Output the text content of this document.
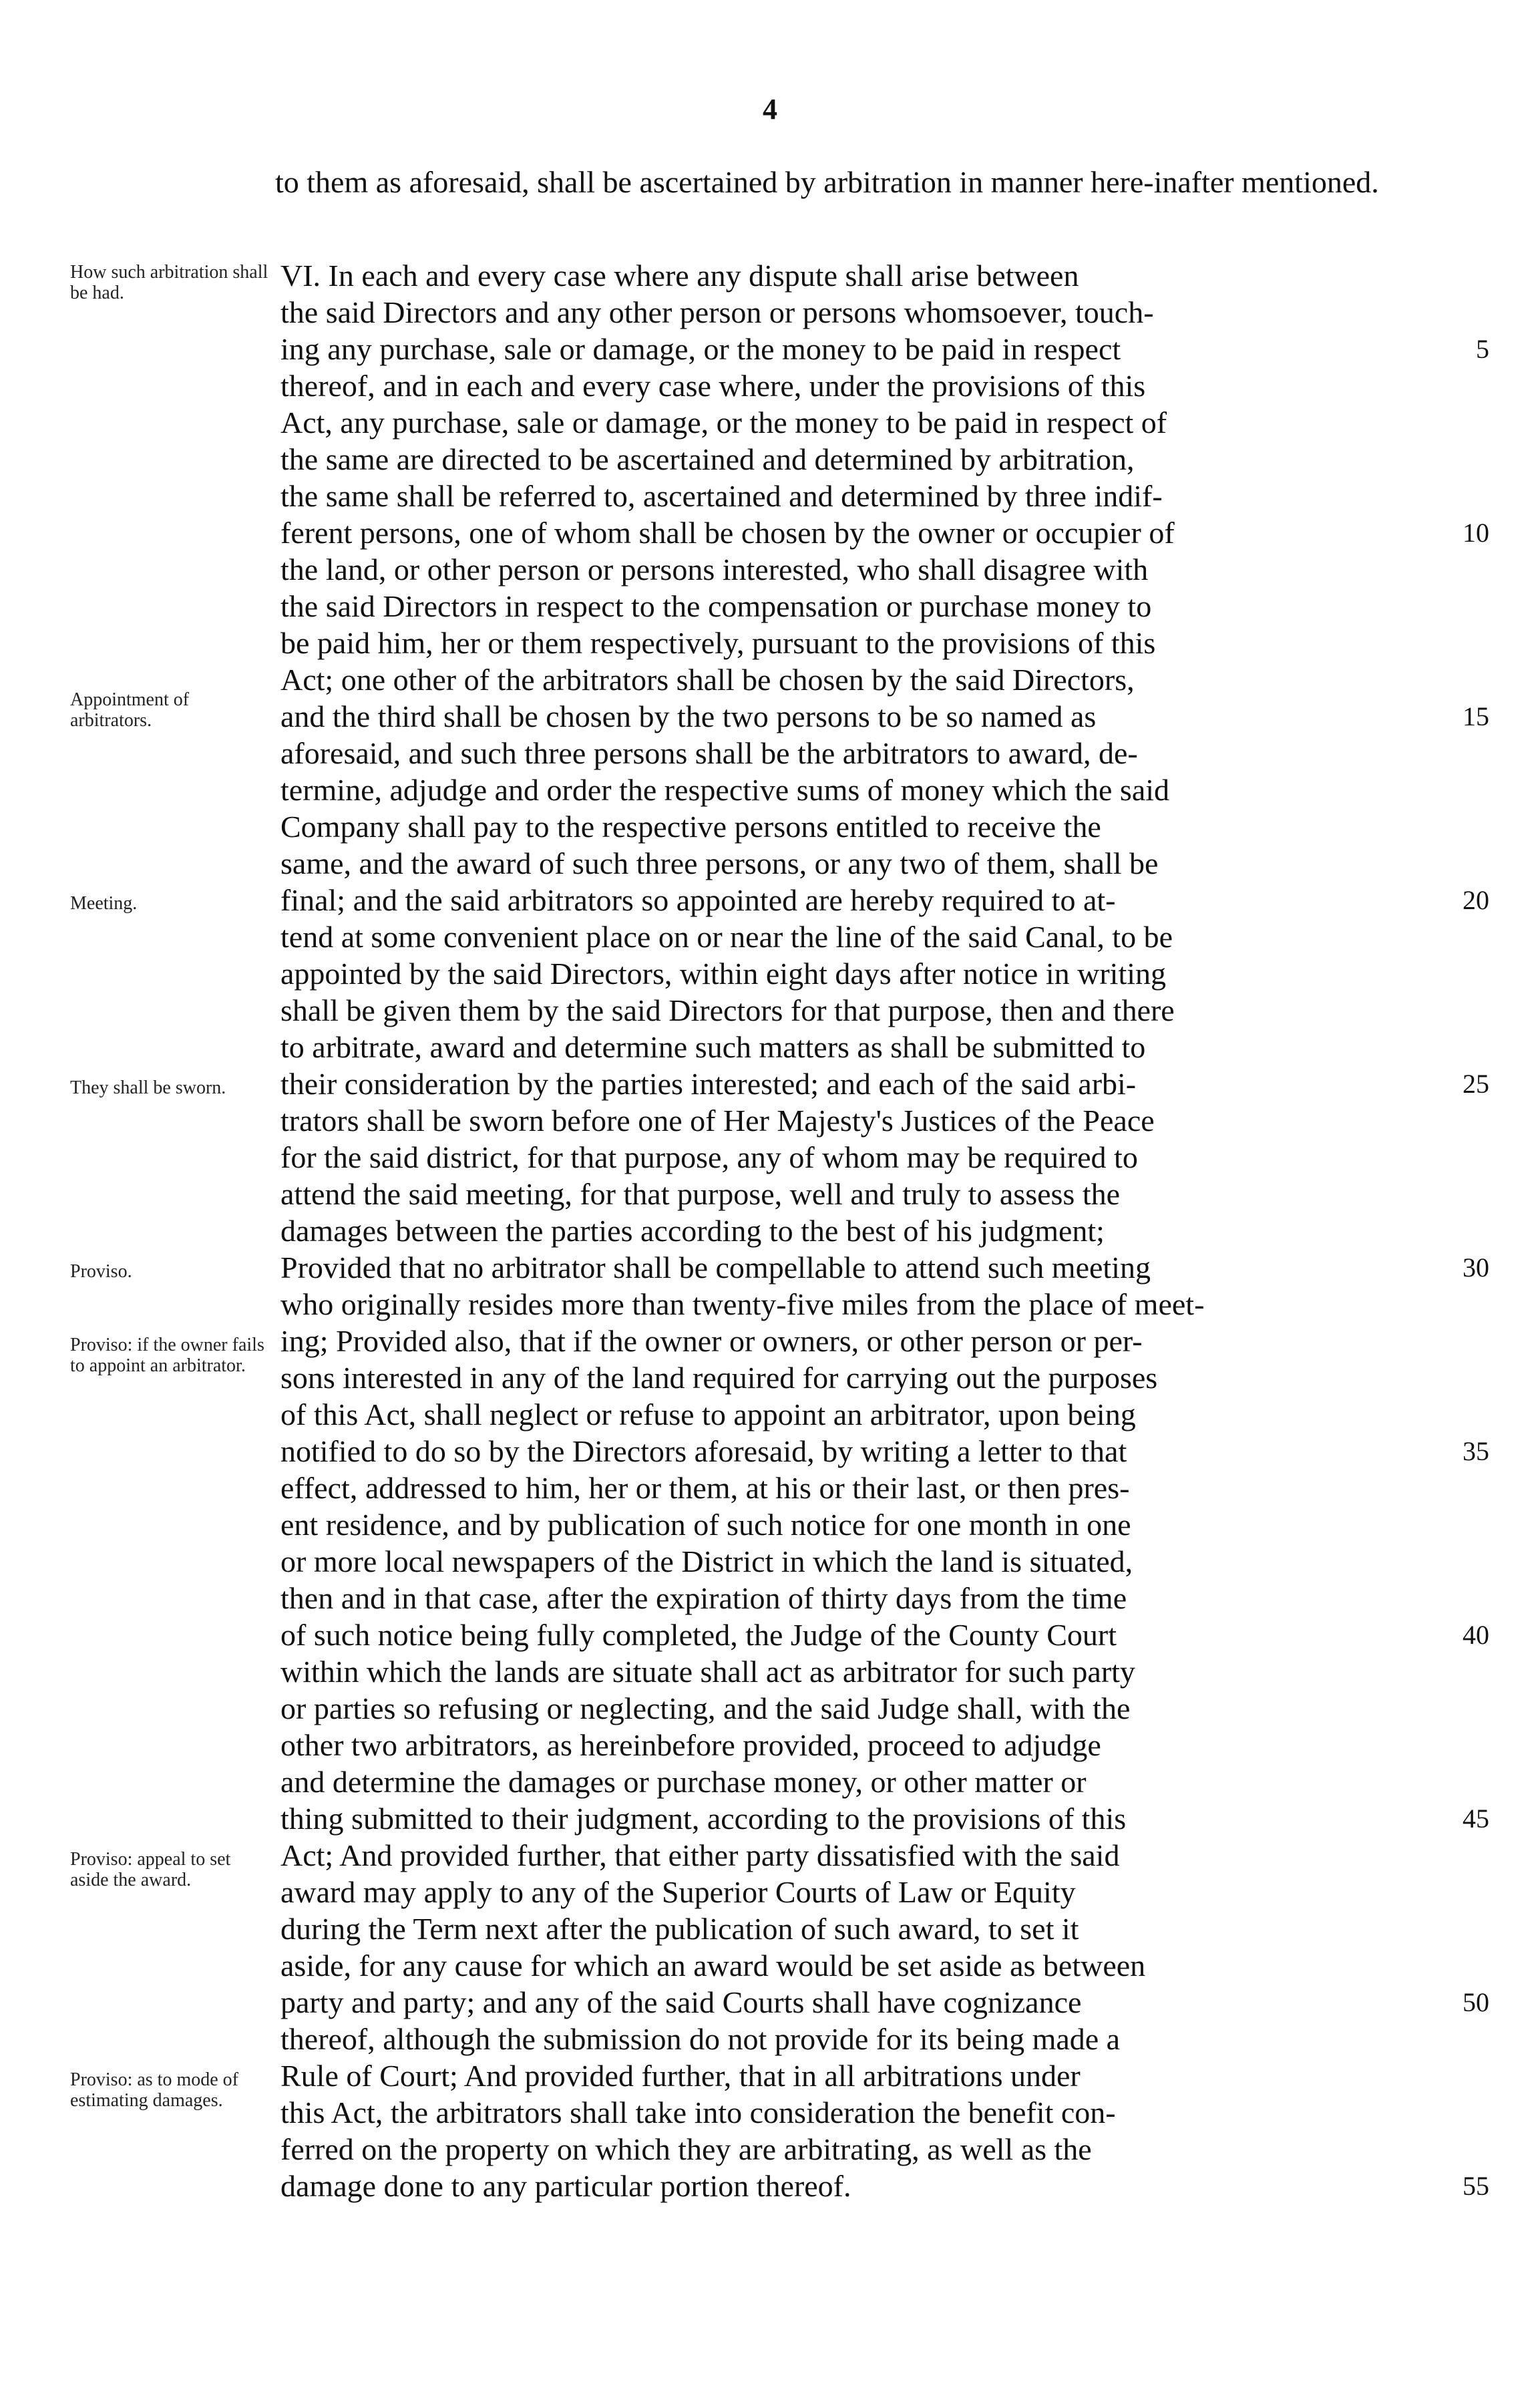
4
to them as aforesaid, shall be ascertained by arbitration in manner here-inafter mentioned.
VI. In each and every case where any dispute shall arise between
the said Directors and any other person or persons whomsoever, touch-
ing any purchase, sale or damage, or the money to be paid in respect
thereof, and in each and every case where, under the provisions of this
Act, any purchase, sale or damage, or the money to be paid in respect of
the same are directed to be ascertained and determined by arbitration,
the same shall be referred to, ascertained and determined by three indif-
ferent persons, one of whom shall be chosen by the owner or occupier of
the land, or other person or persons interested, who shall disagree with
the said Directors in respect to the compensation or purchase money to
be paid him, her or them respectively, pursuant to the provisions of this
Act; one other of the arbitrators shall be chosen by the said Directors,
and the third shall be chosen by the two persons to be so named as
aforesaid, and such three persons shall be the arbitrators to award, de-
termine, adjudge and order the respective sums of money which the said
Company shall pay to the respective persons entitled to receive the
same, and the award of such three persons, or any two of them, shall be
final; and the said arbitrators so appointed are hereby required to at-
tend at some convenient place on or near the line of the said Canal, to be
appointed by the said Directors, within eight days after notice in writing
shall be given them by the said Directors for that purpose, then and there
to arbitrate, award and determine such matters as shall be submitted to
their consideration by the parties interested; and each of the said arbi-
trators shall be sworn before one of Her Majesty's Justices of the Peace
for the said district, for that purpose, any of whom may be required to
attend the said meeting, for that purpose, well and truly to assess the
damages between the parties according to the best of his judgment;
Provided that no arbitrator shall be compellable to attend such meeting
who originally resides more than twenty-five miles from the place of meet-
ing; Provided also, that if the owner or owners, or other person or per-
sons interested in any of the land required for carrying out the purposes
of this Act, shall neglect or refuse to appoint an arbitrator, upon being
notified to do so by the Directors aforesaid, by writing a letter to that
effect, addressed to him, her or them, at his or their last, or then pres-
ent residence, and by publication of such notice for one month in one
or more local newspapers of the District in which the land is situated,
then and in that case, after the expiration of thirty days from the time
of such notice being fully completed, the Judge of the County Court
within which the lands are situate shall act as arbitrator for such party
or parties so refusing or neglecting, and the said Judge shall, with the
other two arbitrators, as hereinbefore provided, proceed to adjudge
and determine the damages or purchase money, or other matter or
thing submitted to their judgment, according to the provisions of this
Act; And provided further, that either party dissatisfied with the said
award may apply to any of the Superior Courts of Law or Equity
during the Term next after the publication of such award, to set it
aside, for any cause for which an award would be set aside as between
party and party; and any of the said Courts shall have cognizance
thereof, although the submission do not provide for its being made a
Rule of Court; And provided further, that in all arbitrations under
this Act, the arbitrators shall take into consideration the benefit con-
ferred on the property on which they are arbitrating, as well as the
damage done to any particular portion thereof.
How such arbitration shall be had.
Appointment of arbitrators.
Meeting.
They shall be sworn.
Proviso.
Proviso: if the owner fails to appoint an arbitrator.
Proviso: appeal to set aside the award.
Proviso: as to mode of estimating damages.
5
10
15
20
25
30
35
40
45
50
55
